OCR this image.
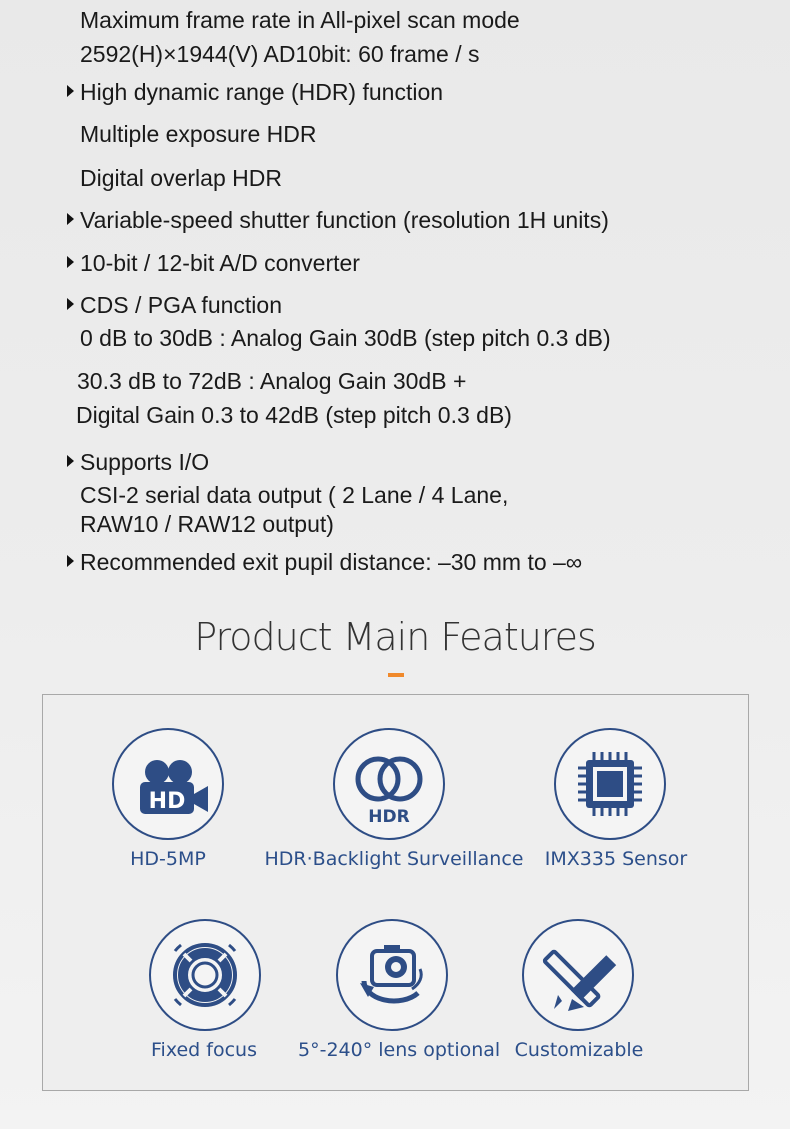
Maximum frame rate in All-pixel scan mode
2592(H)×1944(V) AD10bit: 60 frame / s
High dynamic range (HDR) function
Multiple exposure HDR
Digital overlap HDR
Variable-speed shutter function (resolution 1H units)
10-bit / 12-bit A/D converter
CDS / PGA function
0 dB to 30dB : Analog Gain 30dB (step pitch 0.3 dB)
30.3 dB to 72dB : Analog Gain 30dB +
Digital Gain 0.3 to 42dB (step pitch 0.3 dB)
Supports I/O
CSI-2 serial data output ( 2 Lane / 4 Lane,
RAW10 / RAW12 output)
Recommended exit pupil distance: –30 mm to –∞
Product Main Features
HD
HD-5MP
HDR
HDR·Backlight Surveillance IMX335 Sensor
Fixed focus	5°-240° lens optional Customizable
